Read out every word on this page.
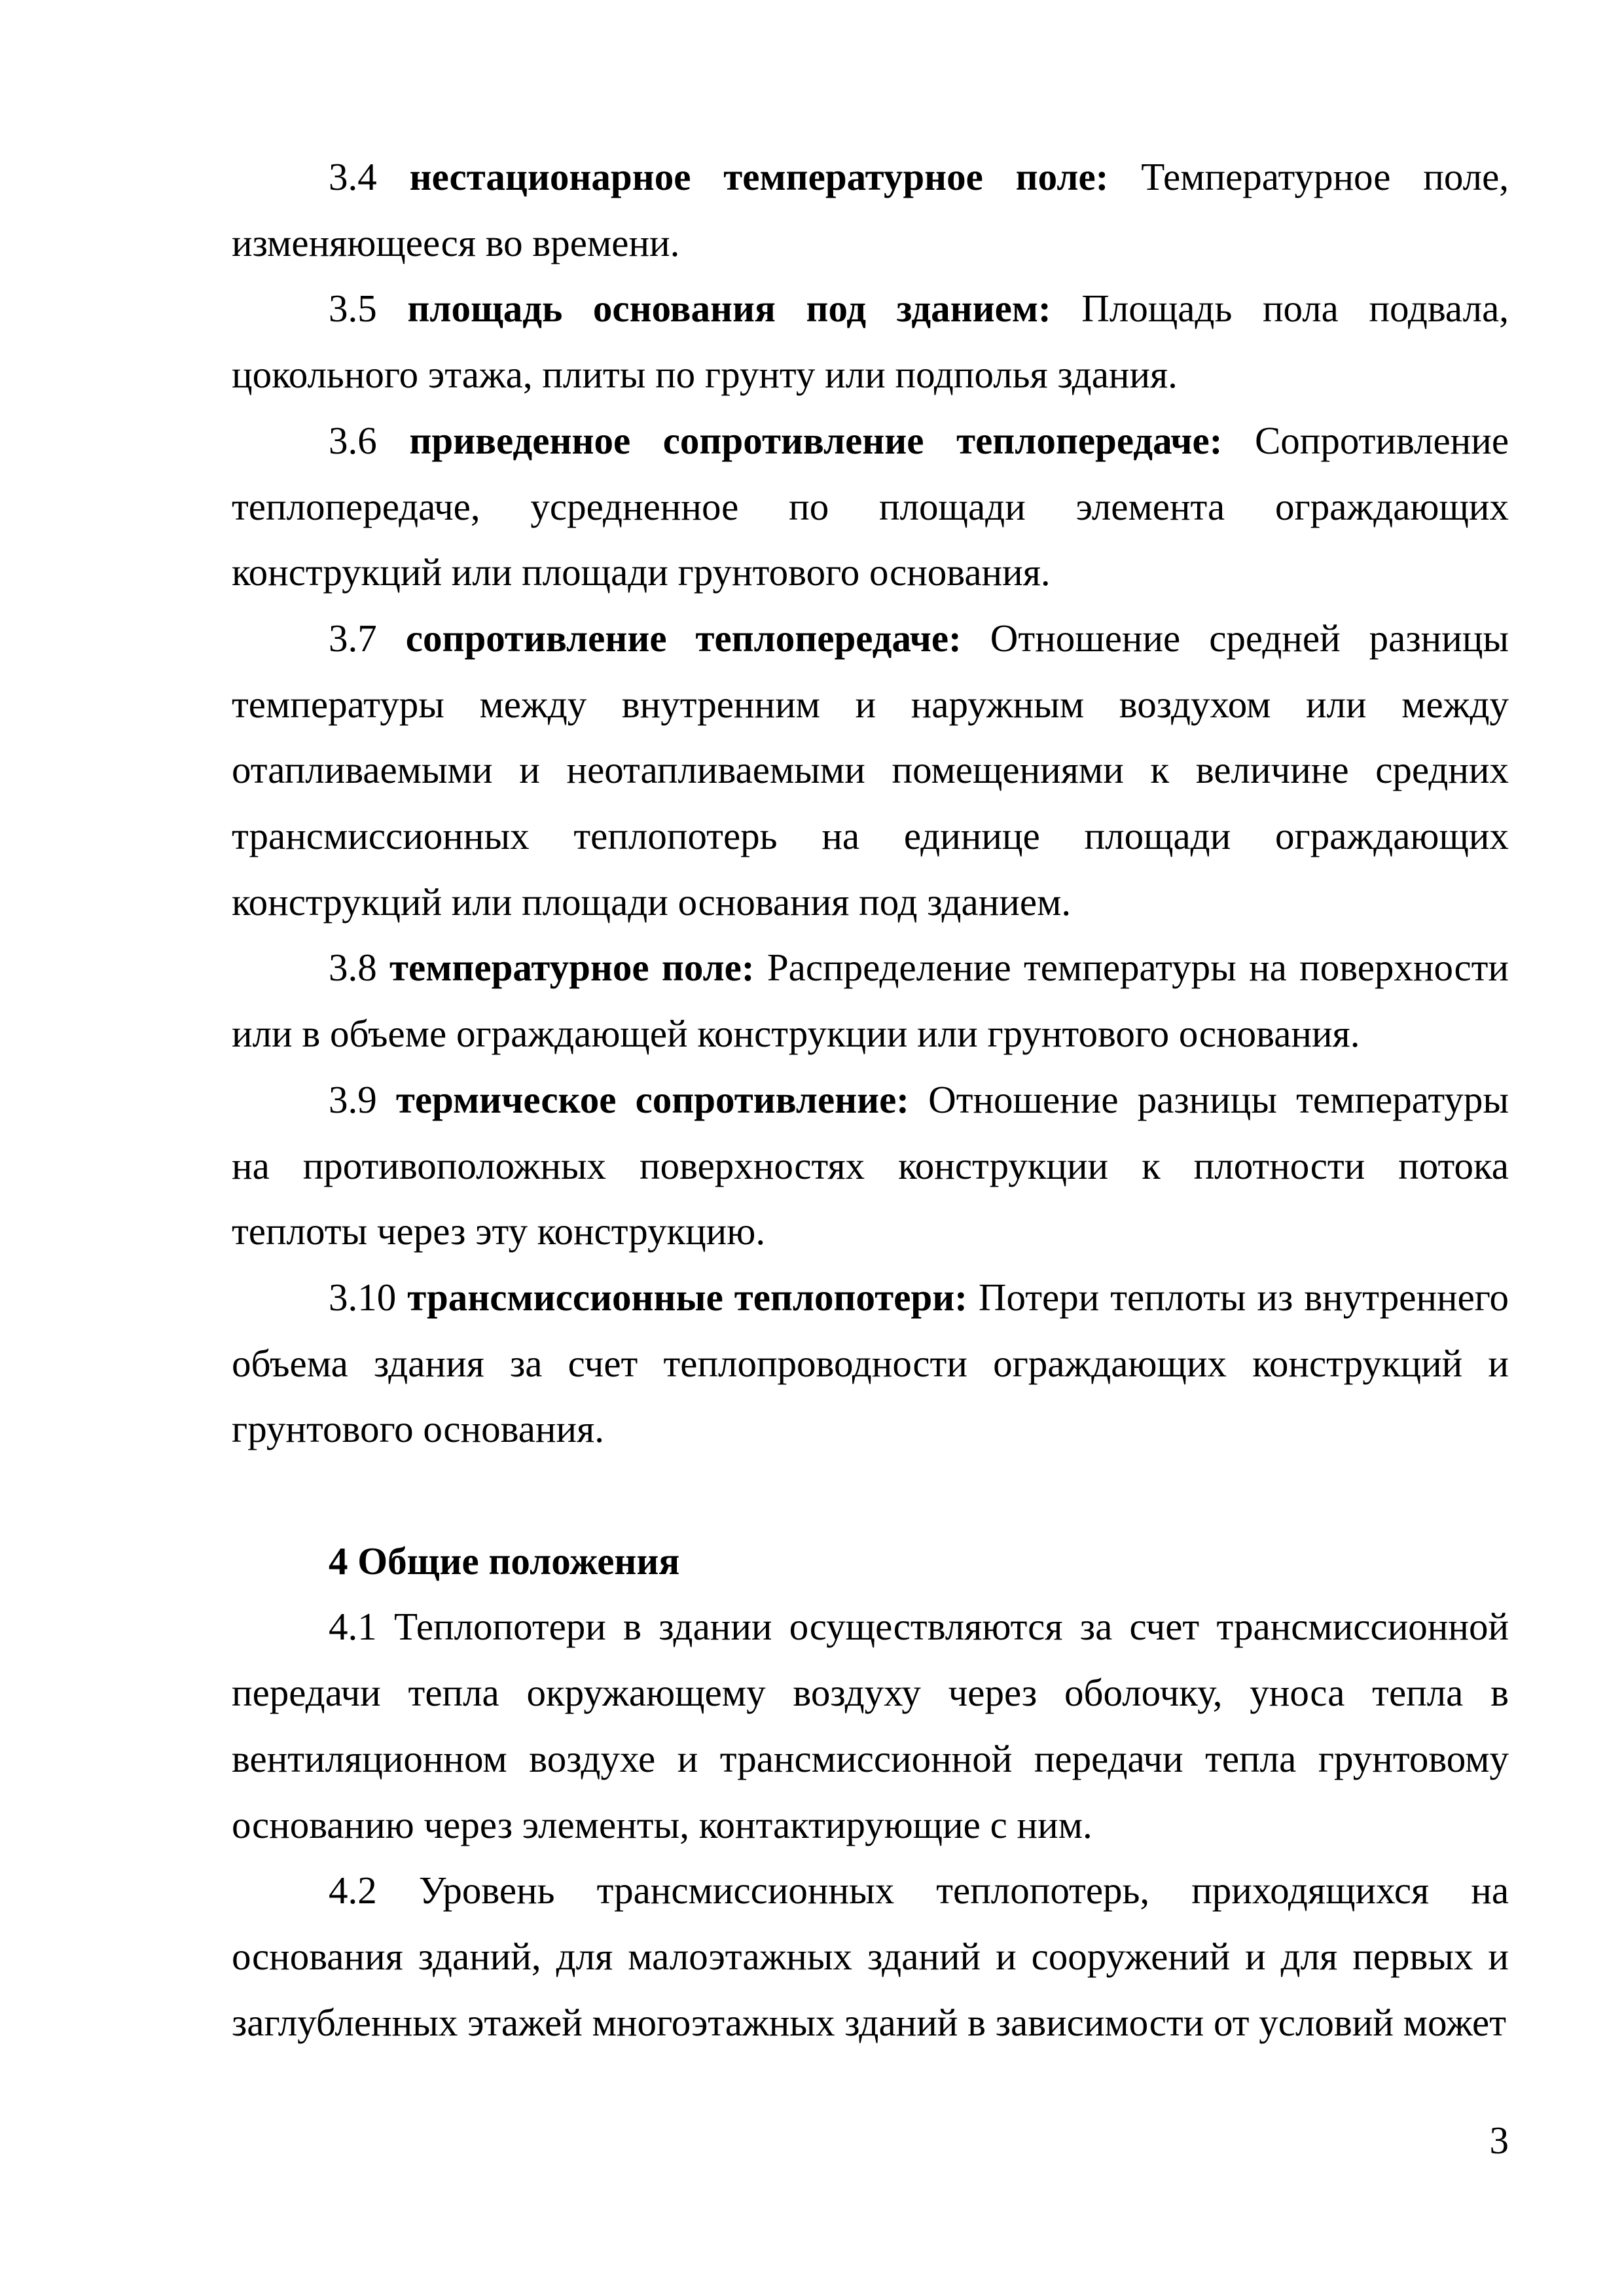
3.4 нестационарное температурное поле: Температурное поле, изменяющееся во времени.

3.5 площадь основания под зданием: Площадь пола подвала, цокольного этажа, плиты по грунту или подполья здания.

3.6 приведенное сопротивление теплопередаче: Сопротивление теплопередаче, усредненное по площади элемента ограждающих конструкций или площади грунтового основания.

3.7 сопротивление теплопередаче: Отношение средней разницы температуры между внутренним и наружным воздухом или между отапливаемыми и неотапливаемыми помещениями к величине средних трансмиссионных теплопотерь на единице площади ограждающих конструкций или площади основания под зданием.

3.8 температурное поле: Распределение температуры на поверхности или в объеме ограждающей конструкции или грунтового основания.

3.9 термическое сопротивление: Отношение разницы температуры на противоположных поверхностях конструкции к плотности потока теплоты через эту конструкцию.

3.10 трансмиссионные теплопотери: Потери теплоты из внутреннего объема здания за счет теплопроводности ограждающих конструкций и грунтового основания.

4 Общие положения

4.1 Теплопотери в здании осуществляются за счет трансмиссионной передачи тепла окружающему воздуху через оболочку, уноса тепла в вентиляционном воздухе и трансмиссионной передачи тепла грунтовому основанию через элементы, контактирующие с ним.

4.2 Уровень трансмиссионных теплопотерь, приходящихся на основания зданий, для малоэтажных зданий и сооружений и для первых и заглубленных этажей многоэтажных зданий в зависимости от условий может

3
